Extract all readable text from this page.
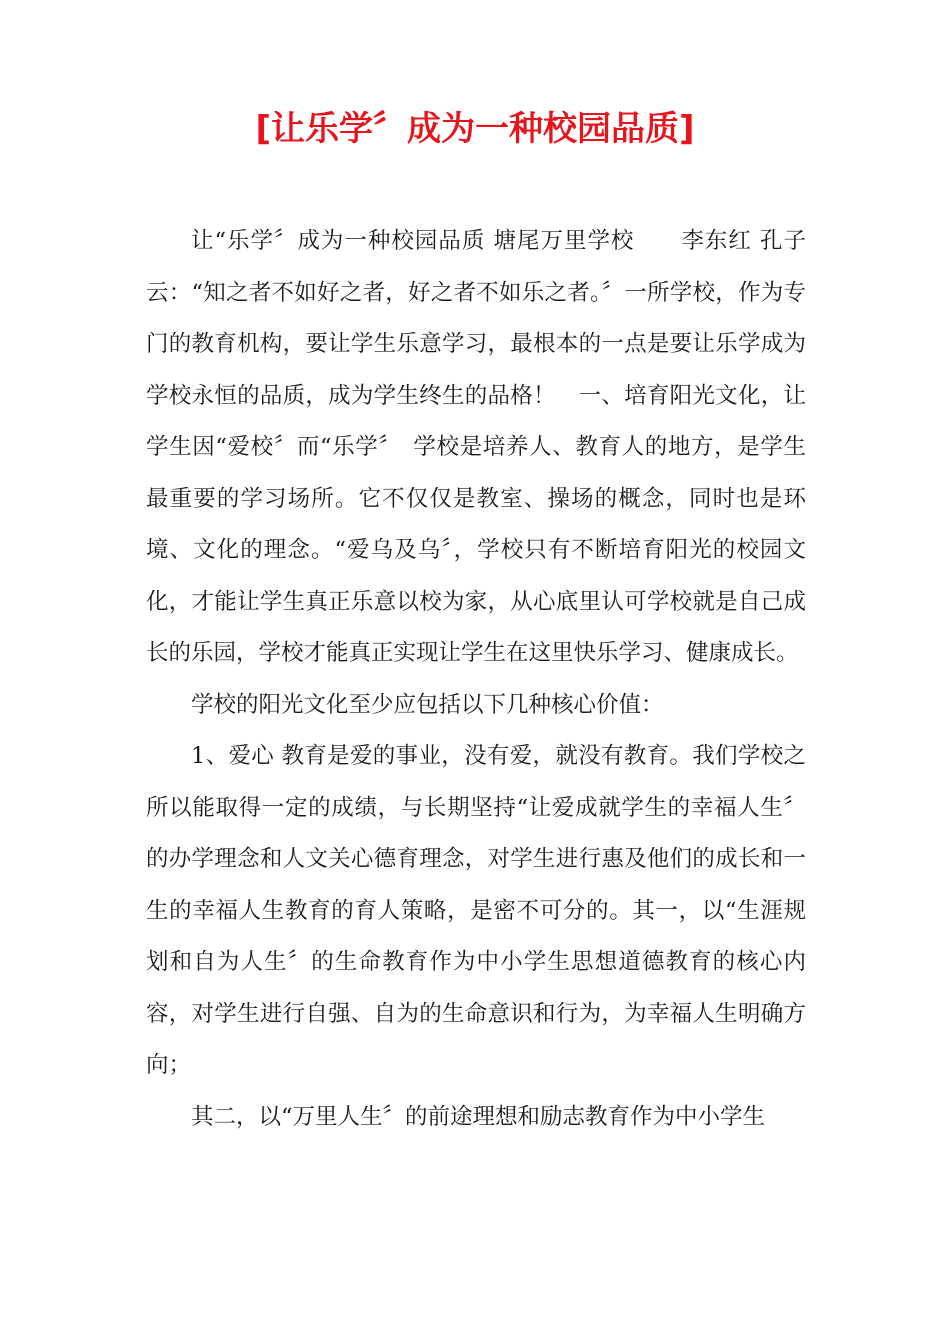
[让乐学〞成为一种校园品质]

让“乐学〞成为一种校园品质 塘尾万里学校　　李东红 孔子云：“知之者不如好之者，好之者不如乐之者。〞一所学校，作为专门的教育机构，要让学生乐意学习，最根本的一点是要让乐学成为学校永恒的品质，成为学生终生的品格！　一、培育阳光文化，让学生因“爱校〞而“乐学〞　学校是培养人、教育人的地方，是学生最重要的学习场所。它不仅仅是教室、操场的概念，同时也是环境、文化的理念。“爱乌及乌〞，学校只有不断培育阳光的校园文化，才能让学生真正乐意以校为家，从心底里认可学校就是自己成长的乐园，学校才能真正实现让学生在这里快乐学习、健康成长。

学校的阳光文化至少应包括以下几种核心价值：

1、爱心 教育是爱的事业，没有爱，就没有教育。我们学校之所以能取得一定的成绩，与长期坚持“让爱成就学生的幸福人生〞的办学理念和人文关心德育理念，对学生进行惠及他们的成长和一生的幸福人生教育的育人策略，是密不可分的。其一，以“生涯规划和自为人生〞的生命教育作为中小学生思想道德教育的核心内容，对学生进行自强、自为的生命意识和行为，为幸福人生明确方向；

其二，以“万里人生〞的前途理想和励志教育作为中小学生
